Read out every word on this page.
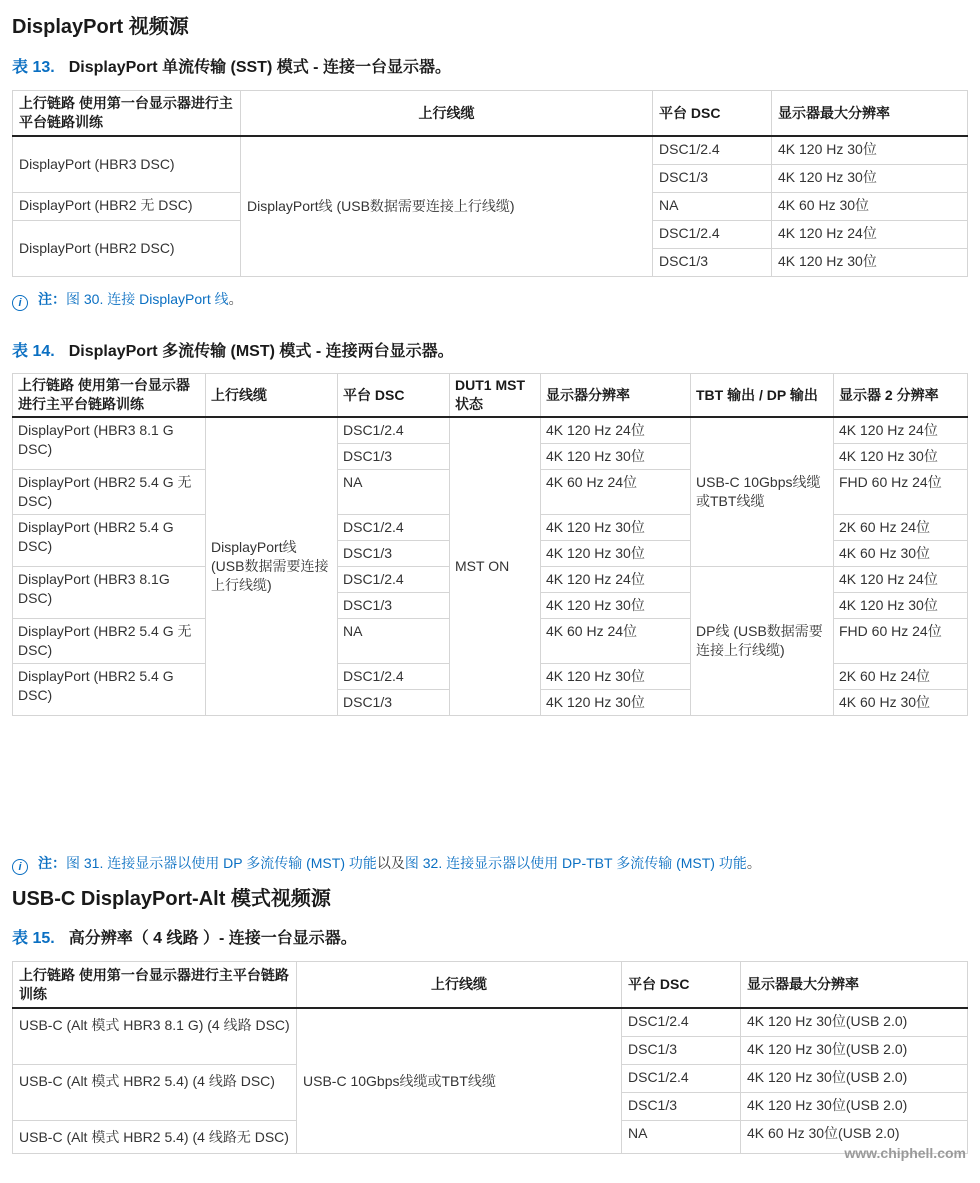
DisplayPort 视频源
表 13. DisplayPort 单流传输 (SST) 模式 - 连接一台显示器。
上行链路 使用第一台显示器进行主平台链路训练	上行线缆	平台 DSC	显示器最大分辨率
DisplayPort (HBR3 DSC)	DisplayPort线 (USB数据需要连接上行线缆)	DSC1/2.4	4K 120 Hz 30位
		DSC1/3	4K 120 Hz 30位
DisplayPort (HBR2 无 DSC)		NA	4K 60 Hz 30位
DisplayPort (HBR2 DSC)		DSC1/2.4	4K 120 Hz 24位
		DSC1/3	4K 120 Hz 30位
i 注：图 30. 连接 DisplayPort 线。
表 14. DisplayPort 多流传输 (MST) 模式 - 连接两台显示器。
上行链路 使用第一台显示器进行主平台链路训练	上行线缆	平台 DSC	DUT1 MST 状态	显示器分辨率	TBT 输出 / DP 输出	显示器 2 分辨率
DisplayPort (HBR3 8.1 G DSC)	DisplayPort线 (USB数据需要连接上行线缆)	DSC1/2.4	MST ON	4K 120 Hz 24位	USB-C 10Gbps线缆或TBT线缆	4K 120 Hz 24位
		DSC1/3		4K 120 Hz 30位		4K 120 Hz 30位
DisplayPort (HBR2 5.4 G 无 DSC)		NA		4K 60 Hz 24位		FHD 60 Hz 24位
DisplayPort (HBR2 5.4 G DSC)		DSC1/2.4		4K 120 Hz 30位		2K 60 Hz 24位
		DSC1/3		4K 120 Hz 30位		4K 60 Hz 30位
DisplayPort (HBR3 8.1G DSC)		DSC1/2.4		4K 120 Hz 24位	DP线 (USB数据需要连接上行线缆)	4K 120 Hz 24位
		DSC1/3		4K 120 Hz 30位		4K 120 Hz 30位
DisplayPort (HBR2 5.4 G 无 DSC)		NA		4K 60 Hz 24位		FHD 60 Hz 24位
DisplayPort (HBR2 5.4 G DSC)		DSC1/2.4		4K 120 Hz 30位		2K 60 Hz 24位
		DSC1/3		4K 120 Hz 30位		4K 60 Hz 30位
i 注：图 31. 连接显示器以使用 DP 多流传输 (MST) 功能以及图 32. 连接显示器以使用 DP-TBT 多流传输 (MST) 功能。
USB-C DisplayPort-Alt 模式视频源
表 15. 高分辨率（ 4 线路 ）- 连接一台显示器。
上行链路 使用第一台显示器进行主平台链路训练	上行线缆	平台 DSC	显示器最大分辨率
USB-C (Alt 模式 HBR3 8.1 G) (4 线路 DSC)	USB-C 10Gbps线缆或TBT线缆	DSC1/2.4	4K 120 Hz 30位(USB 2.0)
		DSC1/3	4K 120 Hz 30位(USB 2.0)
USB-C (Alt 模式 HBR2 5.4) (4 线路 DSC)		DSC1/2.4	4K 120 Hz 30位(USB 2.0)
		DSC1/3	4K 120 Hz 30位(USB 2.0)
USB-C (Alt 模式 HBR2 5.4) (4 线路无 DSC)		NA	4K 60 Hz 30位(USB 2.0)
www.chiphell.com
